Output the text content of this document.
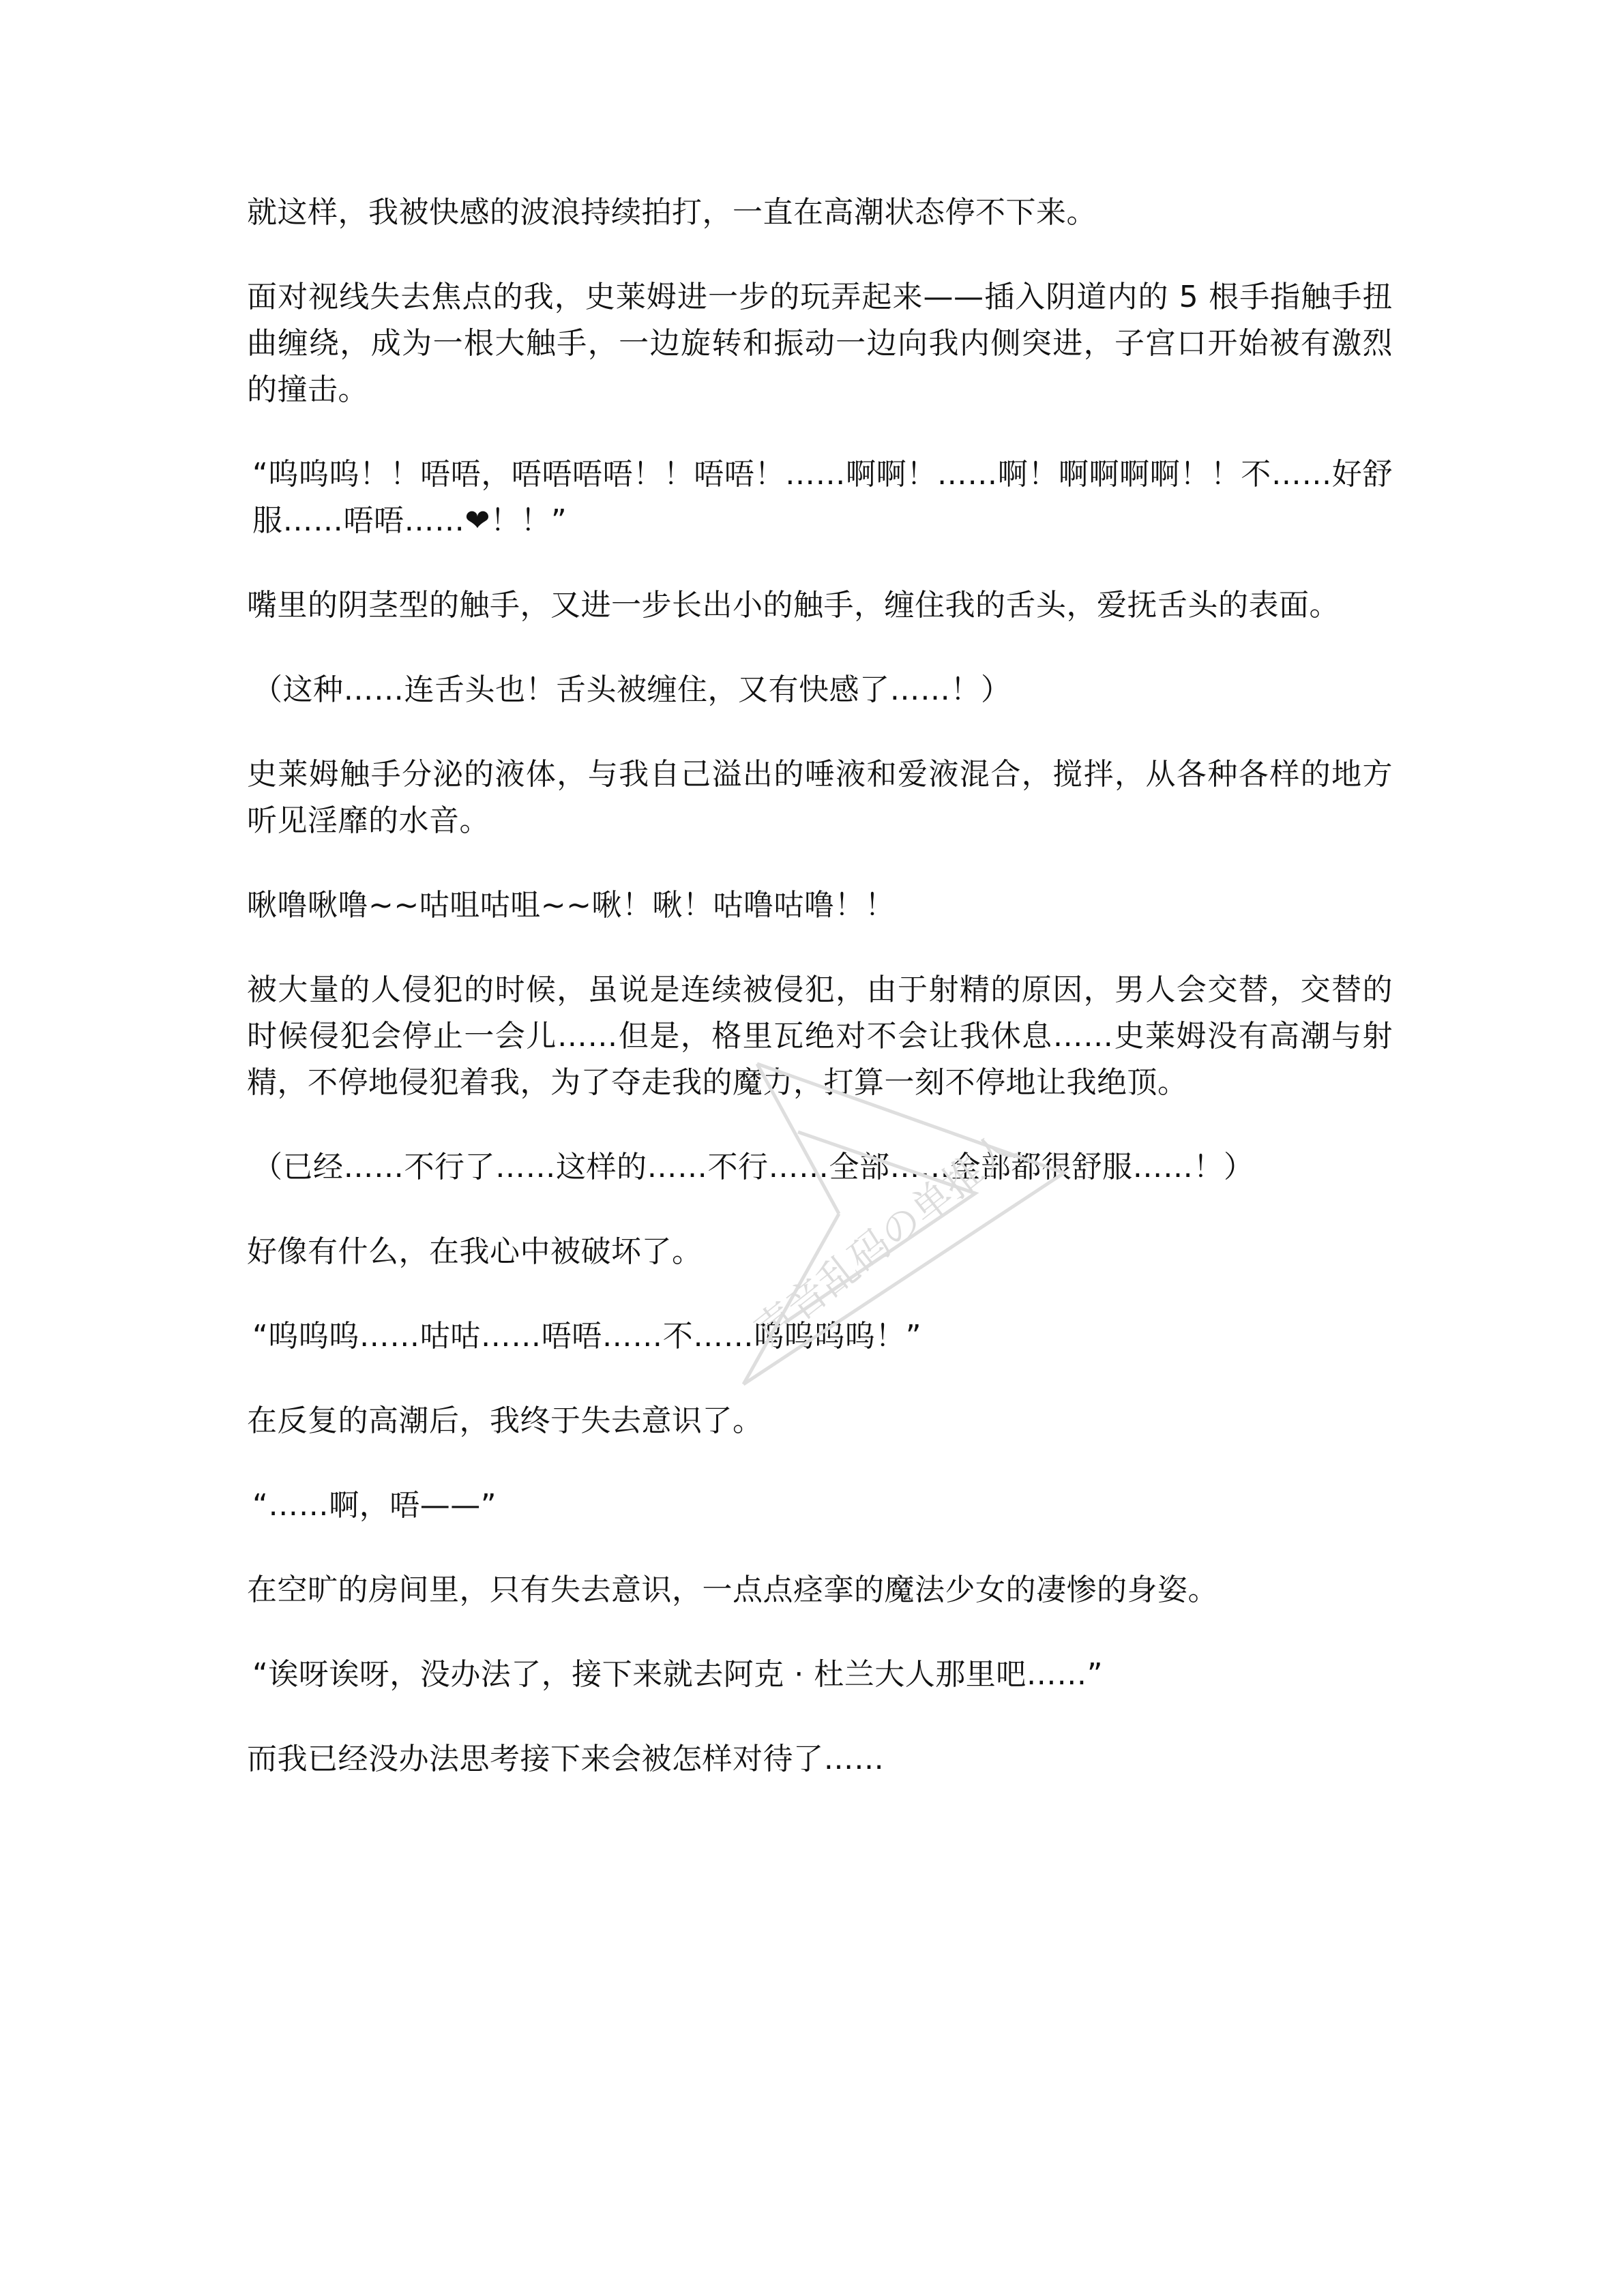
就这样，我被快感的波浪持续拍打，一直在高潮状态停不下来。

面对视线失去焦点的我，史莱姆进一步的玩弄起来——插入阴道内的 5 根手指触手扭曲缠绕，成为一根大触手，一边旋转和振动一边向我内侧突进，子宫口开始被有激烈的撞击。

“呜呜呜！！唔唔，唔唔唔唔！！唔唔！……啊啊！……啊！啊啊啊啊！！不……好舒服……唔唔……❤！！”

嘴里的阴茎型的触手，又进一步长出小的触手，缠住我的舌头，爱抚舌头的表面。

（这种……连舌头也！舌头被缠住，又有快感了……！）

史莱姆触手分泌的液体，与我自己溢出的唾液和爱液混合，搅拌，从各种各样的地方听见淫靡的水音。

啾噜啾噜~~咕咀咕咀~~啾！啾！咕噜咕噜！！

被大量的人侵犯的时候，虽说是连续被侵犯，由于射精的原因，男人会交替，交替的时候侵犯会停止一会儿……但是，格里瓦绝对不会让我休息……史莱姆没有高潮与射精，不停地侵犯着我，为了夺走我的魔力，打算一刻不停地让我绝顶。

（已经……不行了……这样的……不行……全部……全部都很舒服……！）

好像有什么，在我心中被破坏了。

“呜呜呜……咕咕……唔唔……不……呜呜呜呜！”

在反复的高潮后，我终于失去意识了。

“……啊，唔——”

在空旷的房间里，只有失去意识，一点点痉挛的魔法少女的凄惨的身姿。

“诶呀诶呀，没办法了，接下来就去阿克 · 杜兰大人那里吧……”

而我已经没办法思考接下来会被怎样对待了……

声音乱码の单推人
